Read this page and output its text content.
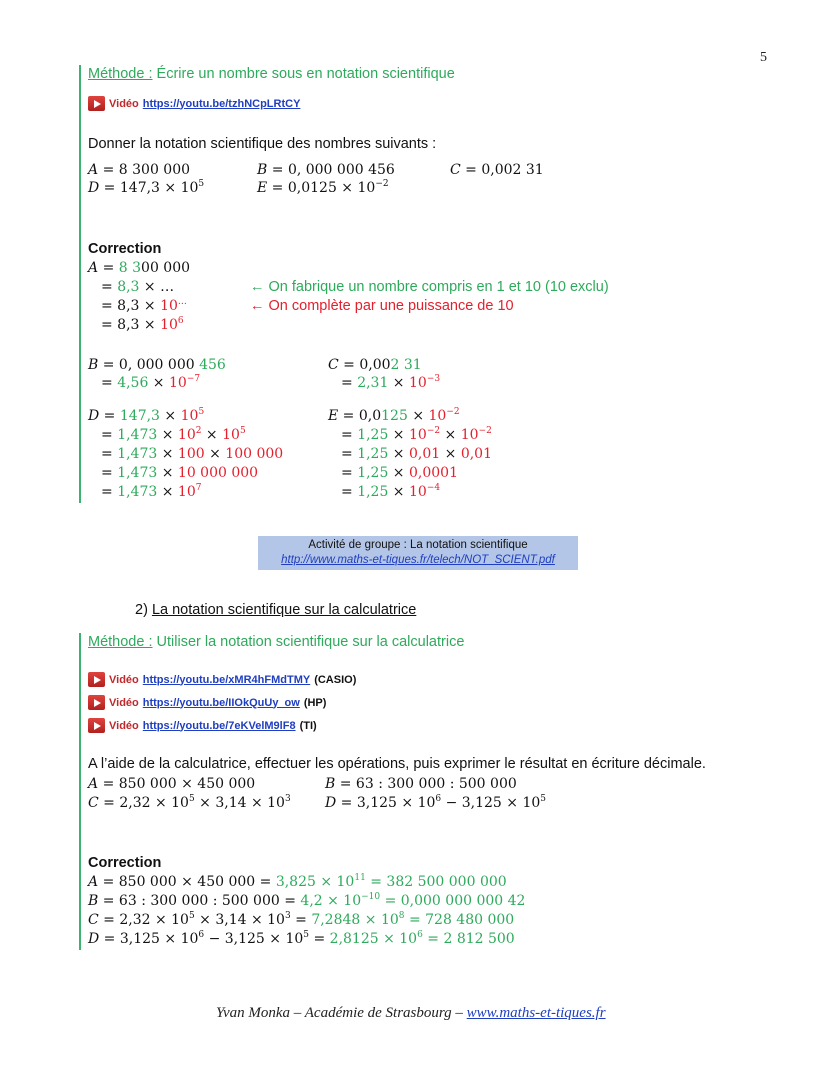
5
Méthode : Écrire un nombre sous en notation scientifique
Vidéo https://youtu.be/tzhNCpLRtCY
Donner la notation scientifique des nombres suivants :
A = 8 300 000	B = 0, 000 000 456	C = 0,002 31
$D = 147,3 \times 10^5$	$E = 0,0125 \times 10^{-2}$
Correction
A = 8 300 000
= 8,3 × …
= 8,3 × 10…
= $8,3 \times 10^6$
← On fabrique un nombre compris en 1 et 10 (10 exclu)
← On complète par une puissance de 10
B = 0, 000 000 456
= $4,56 \times 10^{-7}$
C = 0,002 31
= $2,31 \times 10^{-3}$
$D = 147,3 \times 10^5$
= $1,473 \times 10^2 \times 10^5$
= 1,473 × 100 × 100 000
= 1,473 × 10 000 000
= $1,473 \times 10^7$
$E = 0,0125 \times 10^{-2}$
= $1,25 \times 10^{-2} \times 10^{-2}$
= 1,25 × 0,01 × 0,01
= 1,25 × 0,0001
= $1,25 \times 10^{-4}$
Activité de groupe : La notation scientifique
http://www.maths-et-tiques.fr/telech/NOT_SCIENT.pdf
2) La notation scientifique sur la calculatrice
Méthode : Utiliser la notation scientifique sur la calculatrice
Vidéo https://youtu.be/xMR4hFMdTMY (CASIO)
Vidéo https://youtu.be/IIOkQuUy_ow (HP)
Vidéo https://youtu.be/7eKVelM9lF8 (TI)
A l’aide de la calculatrice, effectuer les opérations, puis exprimer le résultat en écriture décimale.
A = 850 000 × 450 000	B = 63 : 300 000 : 500 000
$C = 2,32 \times 10^5 \times 3,14 \times 10^3$ $D = 3,125 \times 10^6 - 3,125 \times 10^5$
Correction
A = 850 000 × 450 $000 = 3,825 \times 10^{11} = 382$ 500 000 000
B = 63 : 300 000 : 500 $000 = 4,2 \times 10^{-10} = 0,000$ 000 000 42
$C = 2,32 \times 10^5 \times 3,14 \times 10^3 = 7,2848 \times 10^8 = 728$ 480 000
$D = 3,125 \times 10^6 - 3,125 \times 10^5 = 2,8125 \times 10^6 = 2$ 812 500
Yvan Monka – Académie de Strasbourg – www.maths-et-tiques.fr
